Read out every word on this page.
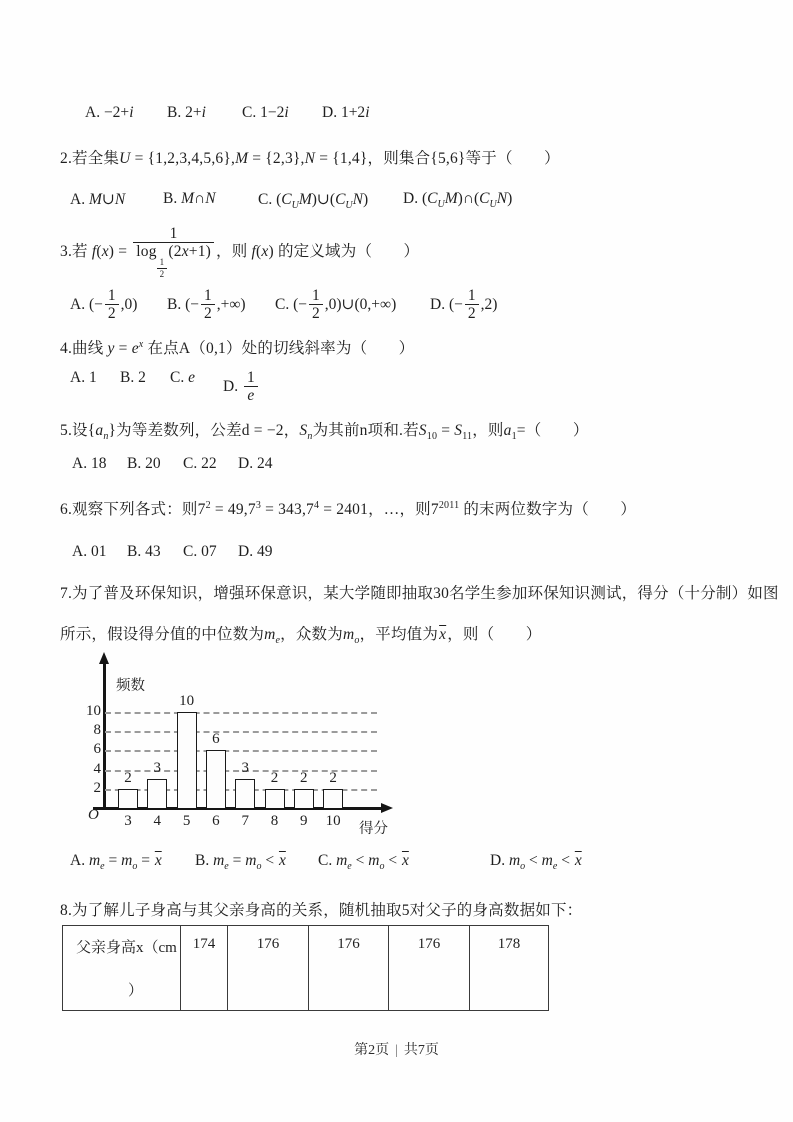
A. −2+i B. 2+i C. 1−2i D. 1+2i
2.若全集U = {1,2,3,4,5,6},M = {2,3},N = {1,4}，则集合{5,6}等于（　　）
A. M∪N B. M∩N	C. $(C_UM)\cup(C_UN)$ D. $(C_UM)\cap(C_UN)$
3.若 f(x) = 1
log
$\frac{1}{2}$
(2x+1) ，则 f(x) 的定义域为（　　）
A. (− $\frac{1}{2} ,0$) B. (− $\frac{1}{2}$ ,+∞) C. (− $\frac{1}{2}$ ,0)∪(0,+∞) D. (− $\frac{1}{2} ,2$)
4.曲线 $y = e^x$ 在点A（0,1）处的切线斜率为（　　）
A. 1 B. 2 C. e
D. $\frac{1}{e}$
5.设$\{a_n\}$为等差数列，公差d = −2，$S_n$为其前n项和.若$S_{10} = S_{11}$，则$a_1=$（　　）
A. 18 B. 20 C. 22 D. 24
6.观察下列各式：则$7^2 = 49,7^3 = 343,7^4 = 2401$，…，则$7^{2011}$ 的末两位数字为（　　）
A. 01 B. 43 C. 07 D. 49
7.为了普及环保知识，增强环保意识，某大学随即抽取30名学生参加环保知识测试，得分（十分制）如图
所示，假设得分值的中位数为$m_e$，众数为$m_o$，平均值为$\overline{x}$，则（　　）
频数
得分
O
2
4
6
8
10
2
3
3
4
10
5
6
6
3
7
2
8
2
9
2
10
A. $m_e = m_o = \overline{x}$ B. $m_e = m_o < \overline{x}$ C. $m_e < m_o < \overline{x}$	D. $m_o < m_e < \overline{x}$
8.为了解儿子身高与其父亲身高的关系，随机抽取5对父子的身高数据如下：
父亲身高x（cm
）
	174	176	176	176	178
第2页 | 共7页
